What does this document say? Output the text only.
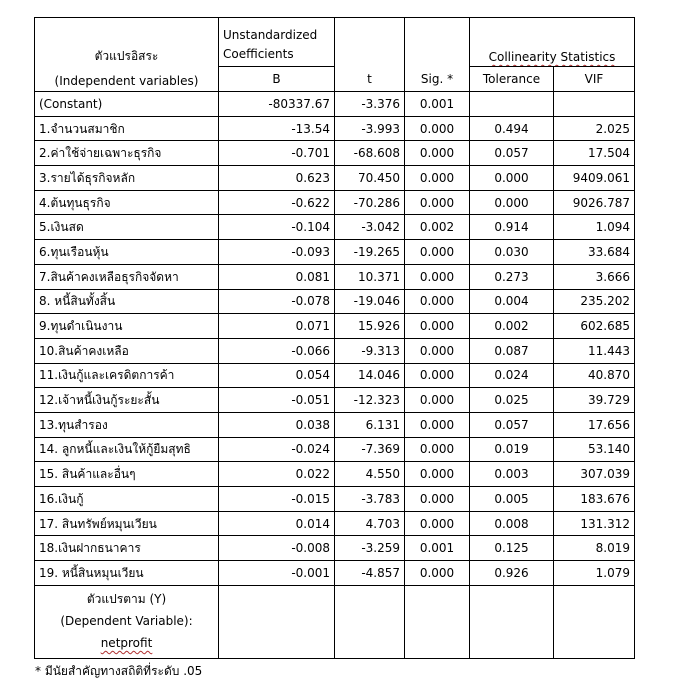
ตัวแปรอิสระ
(Independent variables)	Unstandardized			Collinearity Statistics	
	Coefficients				
	B	t	Sig. *	Tolerance	VIF
(Constant)	-80337.67	-3.376	0.001		
1.จำนวนสมาชิก	-13.54	-3.993	0.000	0.494	2.025
2.ค่าใช้จ่ายเฉพาะธุรกิจ	-0.701	-68.608	0.000	0.057	17.504
3.รายได้ธุรกิจหลัก	0.623	70.450	0.000	0.000	9409.061
4.ต้นทุนธุรกิจ	-0.622	-70.286	0.000	0.000	9026.787
5.เงินสด	-0.104	-3.042	0.002	0.914	1.094
6.ทุนเรือนหุ้น	-0.093	-19.265	0.000	0.030	33.684
7.สินค้าคงเหลือธุรกิจจัดหา	0.081	10.371	0.000	0.273	3.666
8. หนี้สินทั้งสิ้น	-0.078	-19.046	0.000	0.004	235.202
9.ทุนดำเนินงาน	0.071	15.926	0.000	0.002	602.685
10.สินค้าคงเหลือ	-0.066	-9.313	0.000	0.087	11.443
11.เงินกู้และเครดิตการค้า	0.054	14.046	0.000	0.024	40.870
12.เจ้าหนี้เงินกู้ระยะสั้น	-0.051	-12.323	0.000	0.025	39.729
13.ทุนสำรอง	0.038	6.131	0.000	0.057	17.656
14. ลูกหนี้และเงินให้กู้ยืมสุทธิ	-0.024	-7.369	0.000	0.019	53.140
15. สินค้าและอื่นๆ	0.022	4.550	0.000	0.003	307.039
16.เงินกู้	-0.015	-3.783	0.000	0.005	183.676
17. สินทรัพย์หมุนเวียน	0.014	4.703	0.000	0.008	131.312
18.เงินฝากธนาคาร	-0.008	-3.259	0.001	0.125	8.019
19. หนี้สินหมุนเวียน	-0.001	-4.857	0.000	0.926	1.079

ตัวแปรตาม (Y)
(Dependent Variable):
netprofit					

* มีนัยสำคัญทางสถิติที่ระดับ .05
